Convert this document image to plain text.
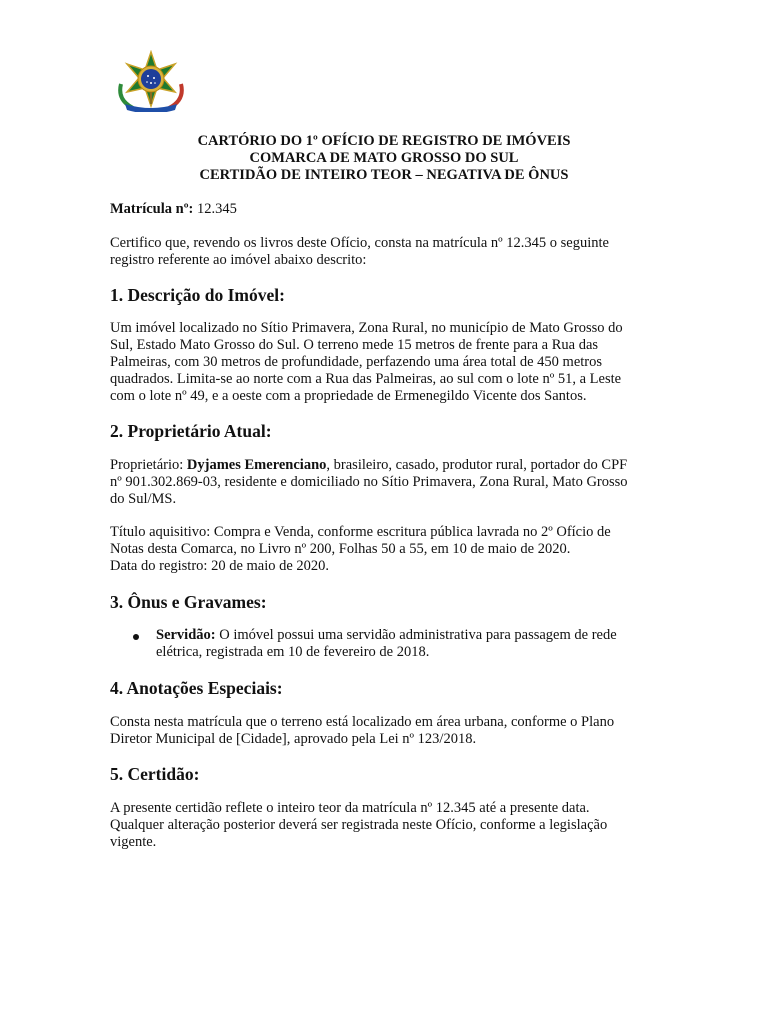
CARTÓRIO DO 1º OFÍCIO DE REGISTRO DE IMÓVEIS
COMARCA DE MATO GROSSO DO SUL
CERTIDÃO DE INTEIRO TEOR – NEGATIVA DE ÔNUS
Matrícula nº: 12.345
Certifico que, revendo os livros deste Ofício, consta na matrícula nº 12.345 o seguinte
registro referente ao imóvel abaixo descrito:
1. Descrição do Imóvel:
Um imóvel localizado no Sítio Primavera, Zona Rural, no município de Mato Grosso do
Sul, Estado Mato Grosso do Sul. O terreno mede 15 metros de frente para a Rua das
Palmeiras, com 30 metros de profundidade, perfazendo uma área total de 450 metros
quadrados. Limita-se ao norte com a Rua das Palmeiras, ao sul com o lote nº 51, a Leste
com o lote nº 49, e a oeste com a propriedade de Ermenegildo Vicente dos Santos.
2. Proprietário Atual:
Proprietário: Dyjames Emerenciano, brasileiro, casado, produtor rural, portador do CPF
nº 901.302.869-03, residente e domiciliado no Sítio Primavera, Zona Rural, Mato Grosso
do Sul/MS.
Título aquisitivo: Compra e Venda, conforme escritura pública lavrada no 2º Ofício de
Notas desta Comarca, no Livro nº 200, Folhas 50 a 55, em 10 de maio de 2020.
Data do registro: 20 de maio de 2020.
3. Ônus e Gravames:
Servidão: O imóvel possui uma servidão administrativa para passagem de rede
elétrica, registrada em 10 de fevereiro de 2018.
4. Anotações Especiais:
Consta nesta matrícula que o terreno está localizado em área urbana, conforme o Plano
Diretor Municipal de [Cidade], aprovado pela Lei nº 123/2018.
5. Certidão:
A presente certidão reflete o inteiro teor da matrícula nº 12.345 até a presente data.
Qualquer alteração posterior deverá ser registrada neste Ofício, conforme a legislação
vigente.
